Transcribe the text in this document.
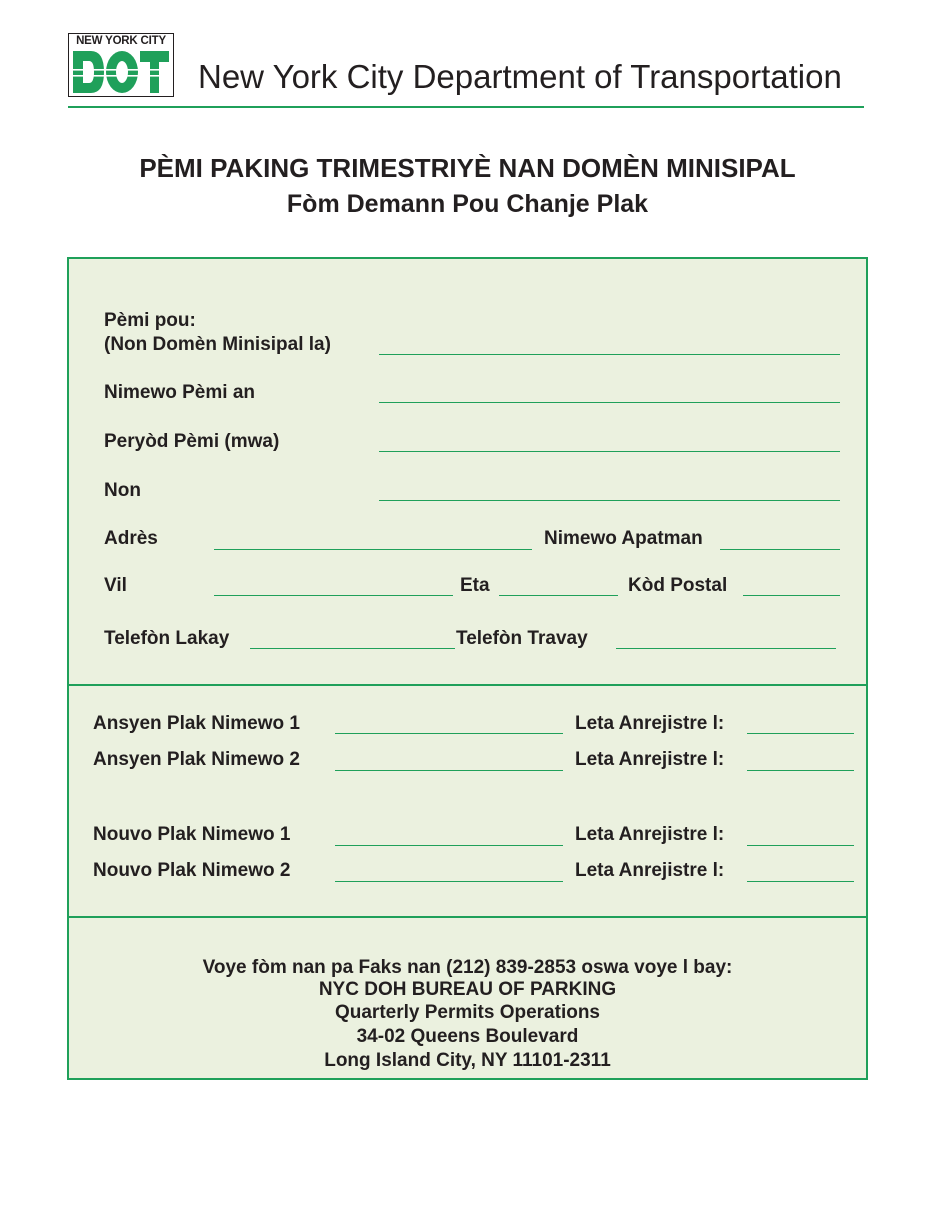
NEW YORK CITY
New York City Department of Transportation
PÈMI PAKING TRIMESTRIYÈ NAN DOMÈN MINISIPAL
Fòm Demann Pou Chanje Plak
Pèmi pou:
(Non Domèn Minisipal la)
Nimewo Pèmi an
Peryòd Pèmi (mwa)
Non
Adrès	Nimewo Apatman
Vil	Eta	Kòd Postal
Telefòn Lakay	Telefòn Travay
Ansyen Plak Nimewo 1	Leta Anrejistre l:
Ansyen Plak Nimewo 2	Leta Anrejistre l:
Nouvo Plak Nimewo 1	Leta Anrejistre l:
Nouvo Plak Nimewo 2	Leta Anrejistre l:
Voye fòm nan pa Faks nan (212) 839-2853 oswa voye l bay:
NYC DOH BUREAU OF PARKING
Quarterly Permits Operations
34-02 Queens Boulevard
Long Island City, NY 11101-2311
